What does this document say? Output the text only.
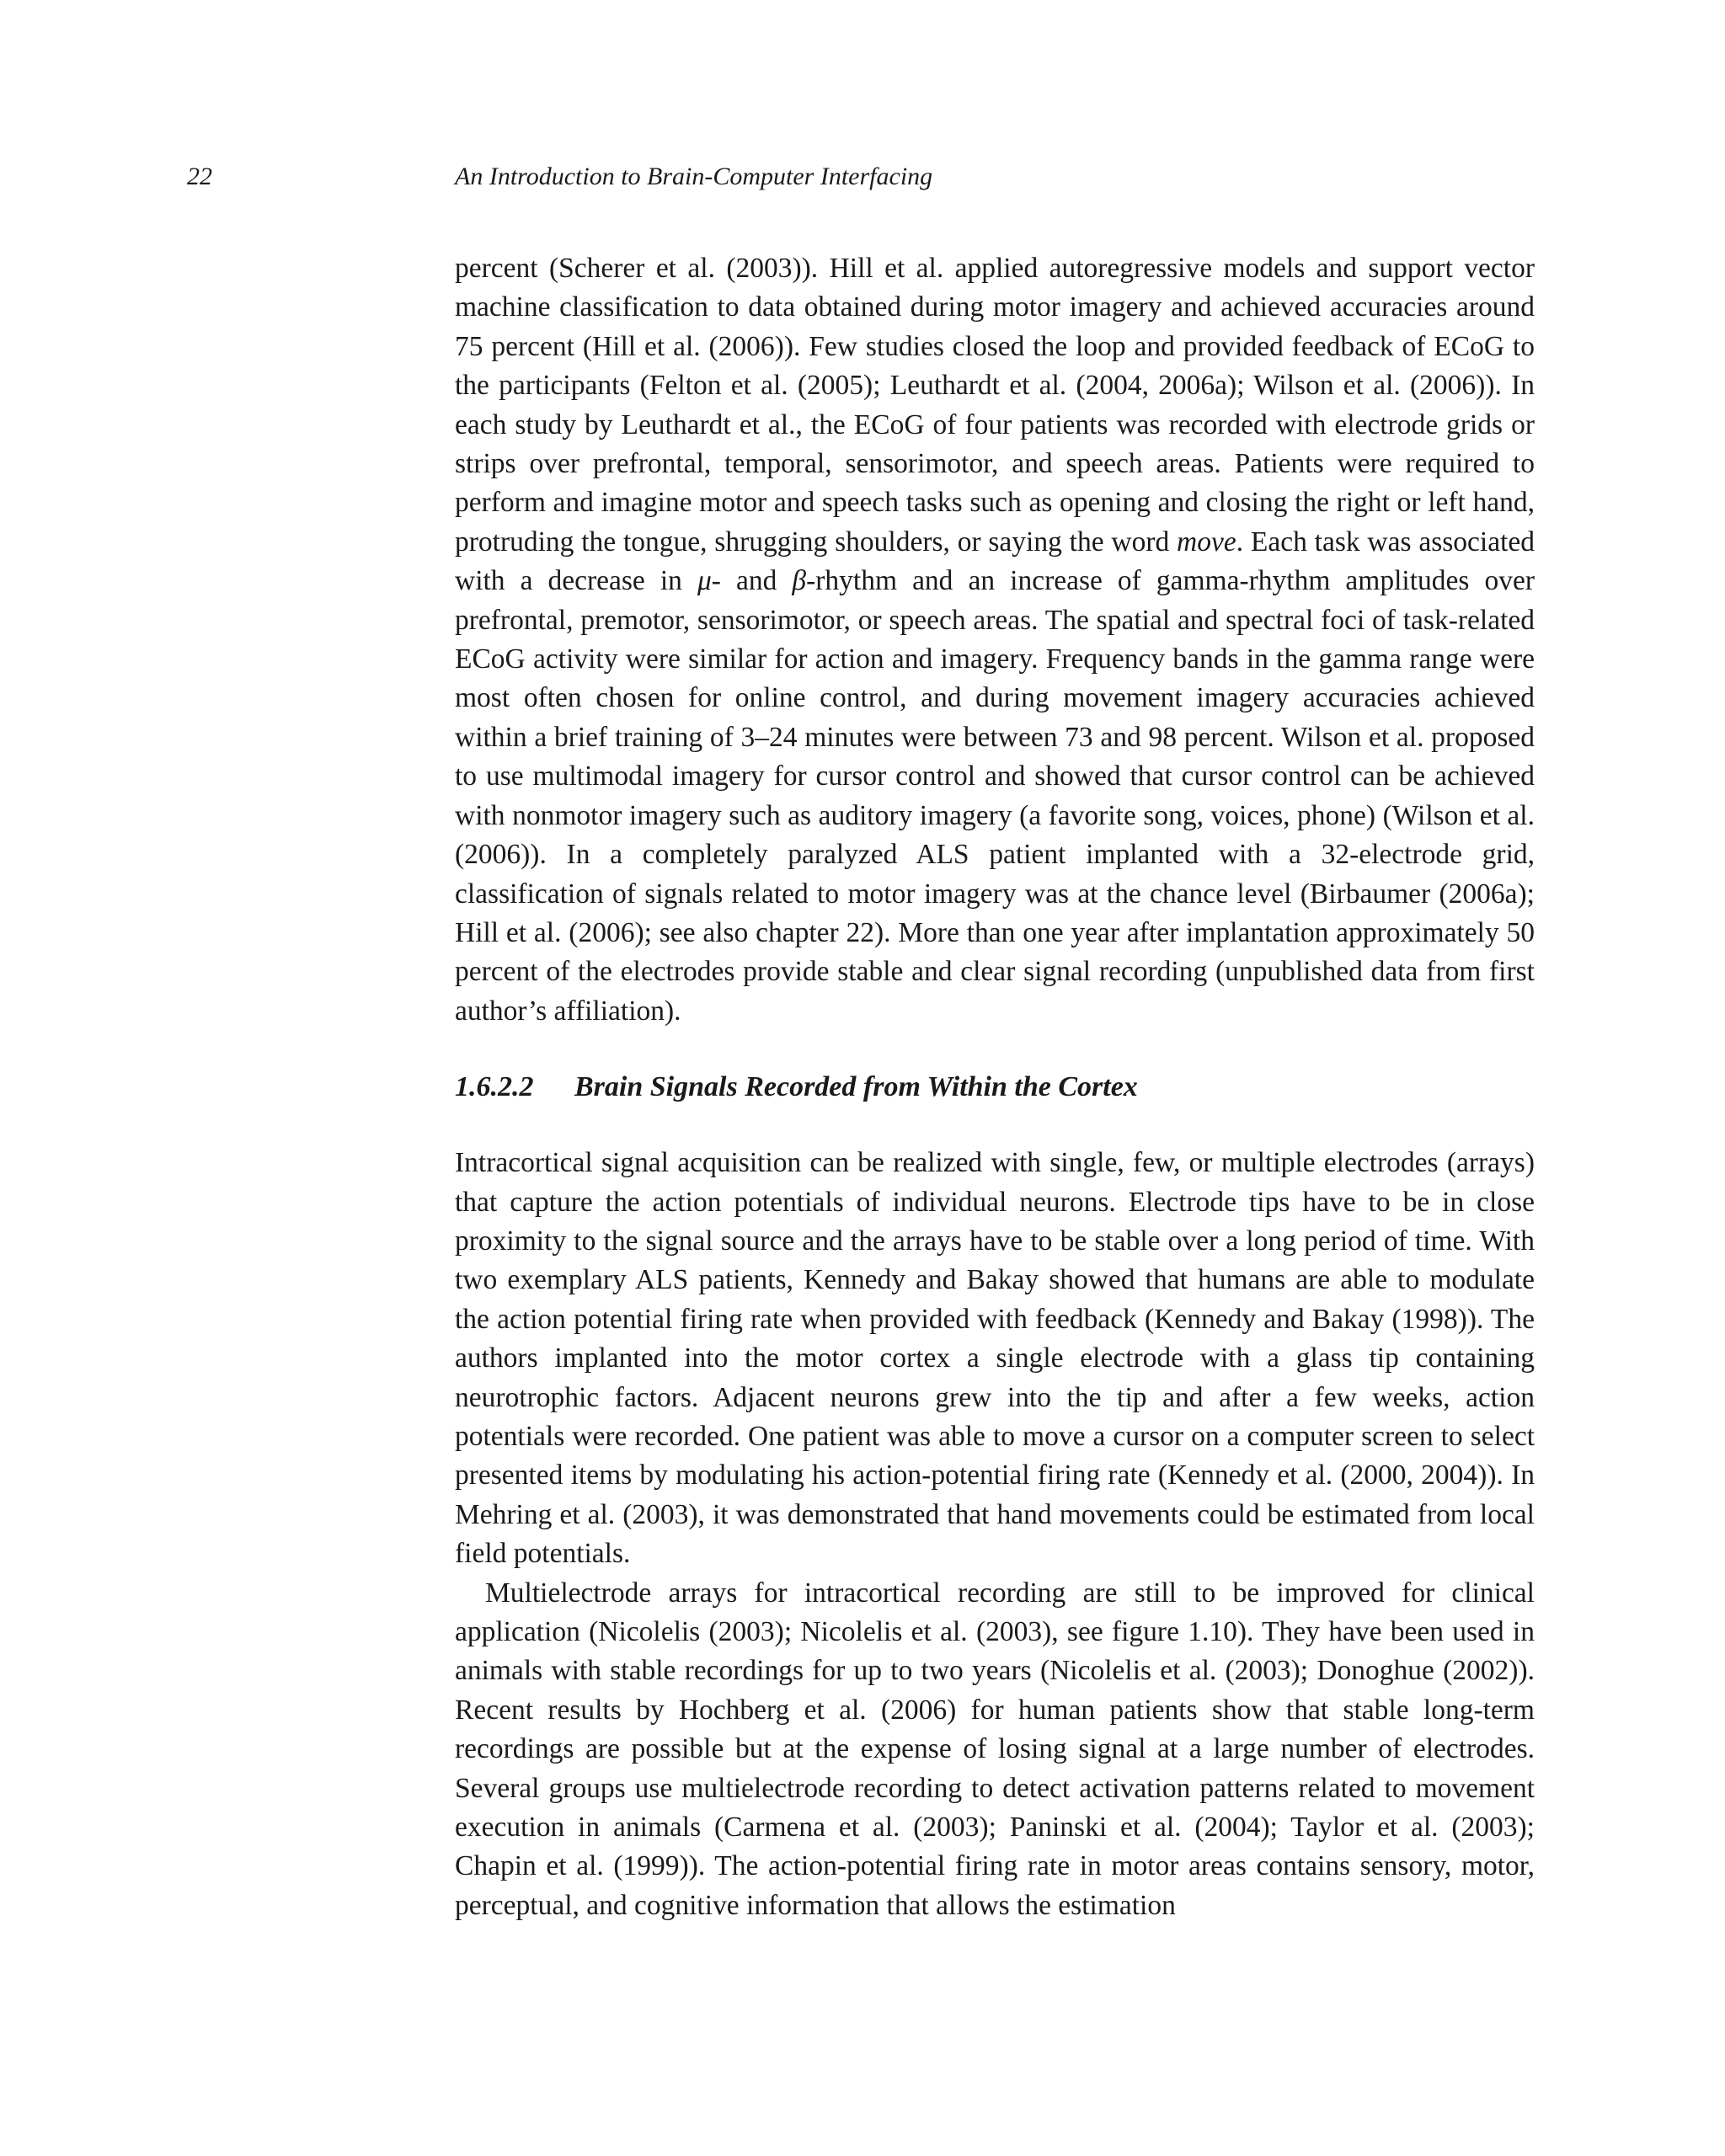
22	An Introduction to Brain-Computer Interfacing

percent (Scherer et al. (2003)). Hill et al. applied autoregressive models and support vector machine classification to data obtained during motor imagery and achieved accuracies around 75 percent (Hill et al. (2006)). Few studies closed the loop and provided feedback of ECoG to the participants (Felton et al. (2005); Leuthardt et al. (2004, 2006a); Wilson et al. (2006)). In each study by Leuthardt et al., the ECoG of four patients was recorded with electrode grids or strips over prefrontal, temporal, sensorimotor, and speech areas. Patients were required to perform and imagine motor and speech tasks such as opening and closing the right or left hand, protruding the tongue, shrugging shoulders, or saying the word move. Each task was associated with a decrease in μ- and β-rhythm and an increase of gamma-rhythm amplitudes over prefrontal, premotor, sensorimotor, or speech areas. The spatial and spectral foci of task-related ECoG activity were similar for action and imagery. Frequency bands in the gamma range were most often chosen for online control, and during movement imagery accuracies achieved within a brief training of 3–24 minutes were between 73 and 98 percent. Wilson et al. proposed to use multimodal imagery for cursor control and showed that cursor control can be achieved with nonmotor imagery such as auditory imagery (a favorite song, voices, phone) (Wilson et al. (2006)). In a completely paralyzed ALS patient implanted with a 32-electrode grid, classification of signals related to motor imagery was at the chance level (Birbaumer (2006a); Hill et al. (2006); see also chapter 22). More than one year after implantation approximately 50 percent of the electrodes provide stable and clear signal recording (unpublished data from first author’s affiliation).

1.6.2.2 Brain Signals Recorded from Within the Cortex

Intracortical signal acquisition can be realized with single, few, or multiple electrodes (arrays) that capture the action potentials of individual neurons. Electrode tips have to be in close proximity to the signal source and the arrays have to be stable over a long period of time. With two exemplary ALS patients, Kennedy and Bakay showed that humans are able to modulate the action potential firing rate when provided with feedback (Kennedy and Bakay (1998)). The authors implanted into the motor cortex a single electrode with a glass tip containing neurotrophic factors. Adjacent neurons grew into the tip and after a few weeks, action potentials were recorded. One patient was able to move a cursor on a computer screen to select presented items by modulating his action-potential firing rate (Kennedy et al. (2000, 2004)). In Mehring et al. (2003), it was demonstrated that hand movements could be estimated from local field potentials.

Multielectrode arrays for intracortical recording are still to be improved for clinical application (Nicolelis (2003); Nicolelis et al. (2003), see figure 1.10). They have been used in animals with stable recordings for up to two years (Nicolelis et al. (2003); Donoghue (2002)). Recent results by Hochberg et al. (2006) for human patients show that stable long-term recordings are possible but at the expense of losing signal at a large number of electrodes. Several groups use multielectrode recording to detect activation patterns related to movement execution in animals (Carmena et al. (2003); Paninski et al. (2004); Taylor et al. (2003); Chapin et al. (1999)). The action-potential firing rate in motor areas contains sensory, motor, perceptual, and cognitive information that allows the estimation
